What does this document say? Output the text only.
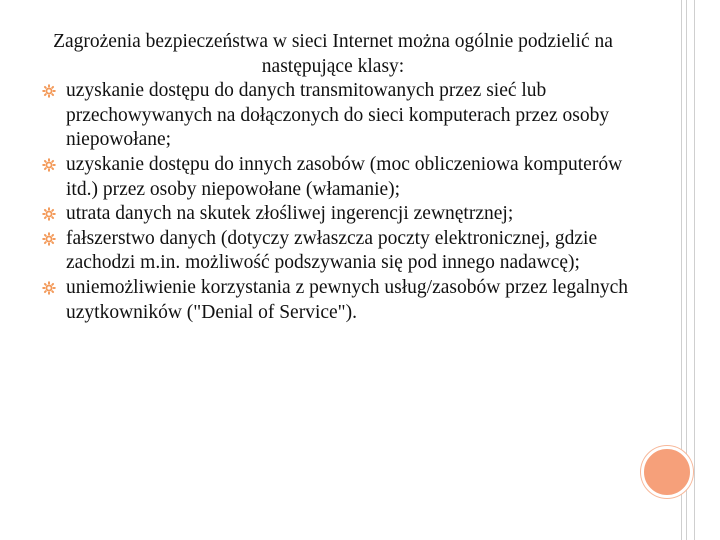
Zagrożenia bezpieczeństwa w sieci Internet można ogólnie podzielić na następujące klasy:

uzyskanie dostępu do danych transmitowanych przez sieć lub przechowywanych na dołączonych do sieci komputerach przez osoby niepowołane;
uzyskanie dostępu do innych zasobów (moc obliczeniowa komputerów itd.) przez osoby niepowołane (włamanie);
utrata danych na skutek złośliwej ingerencji zewnętrznej;
fałszerstwo danych (dotyczy zwłaszcza poczty elektronicznej, gdzie zachodzi m.in. możliwość podszywania się pod innego nadawcę);
uniemożliwienie korzystania z pewnych usług/zasobów przez legalnych uzytkowników ("Denial of Service").
